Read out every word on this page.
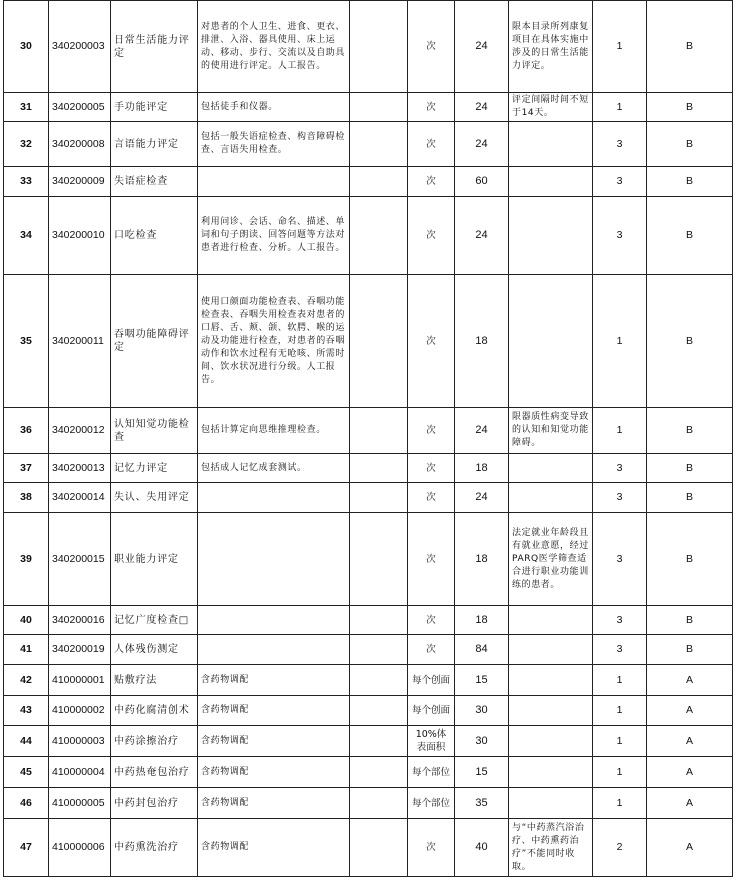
30	340200003	日常生活能力评定	对患者的个人卫生、进食、更衣、排泄、入浴、器具使用、床上运动、移动、步行、交流以及自助具的使用进行评定。人工报告。		次	24	限本目录所列康复项目在具体实施中涉及的日常生活能力评定。	1	B
31	340200005	手功能评定	包括徒手和仪器。		次	24	评定间隔时间不短于14天。	1	B
32	340200008	言语能力评定	包括一般失语症检查、构音障碍检查、言语失用检查。		次	24		3	B
33	340200009	失语症检查			次	60		3	B
34	340200010	口吃检查	利用问诊、会话、命名、描述、单词和句子朗读、回答问题等方法对患者进行检查、分析。人工报告。		次	24		3	B
35	340200011	吞咽功能障碍评定	使用口颜面功能检查表、吞咽功能检查表、吞咽失用检查表对患者的口唇、舌、颊、颌、软腭、喉的运动及功能进行检查，对患者的吞咽动作和饮水过程有无呛咳、所需时间、饮水状况进行分级。人工报告。		次	18		1	B
36	340200012	认知知觉功能检查	包括计算定向思维推理检查。		次	24	限器质性病变导致的认知和知觉功能障碍。	1	B
37	340200013	记忆力评定	包括成人记忆成套测试。		次	18		3	B
38	340200014	失认、失用评定			次	24		3	B
39	340200015	职业能力评定			次	18	法定就业年龄段且有就业意愿，经过PARQ医学筛查适合进行职业功能训练的患者。	3	B
40	340200016	记忆广度检查□			次	18		3	B
41	340200019	人体残伤测定			次	84		3	B
42	410000001	贴敷疗法	含药物调配		每个创面	15		1	A
43	410000002	中药化腐清创术	含药物调配		每个创面	30		1	A
44	410000003	中药涂擦治疗	含药物调配		10%体表面积	30		1	A
45	410000004	中药热奄包治疗	含药物调配		每个部位	15		1	A
46	410000005	中药封包治疗	含药物调配		每个部位	35		1	A
47	410000006	中药熏洗治疗	含药物调配		次	40	与“中药蒸汽浴治疗、中药熏药治疗”不能同时收取。	2	A
